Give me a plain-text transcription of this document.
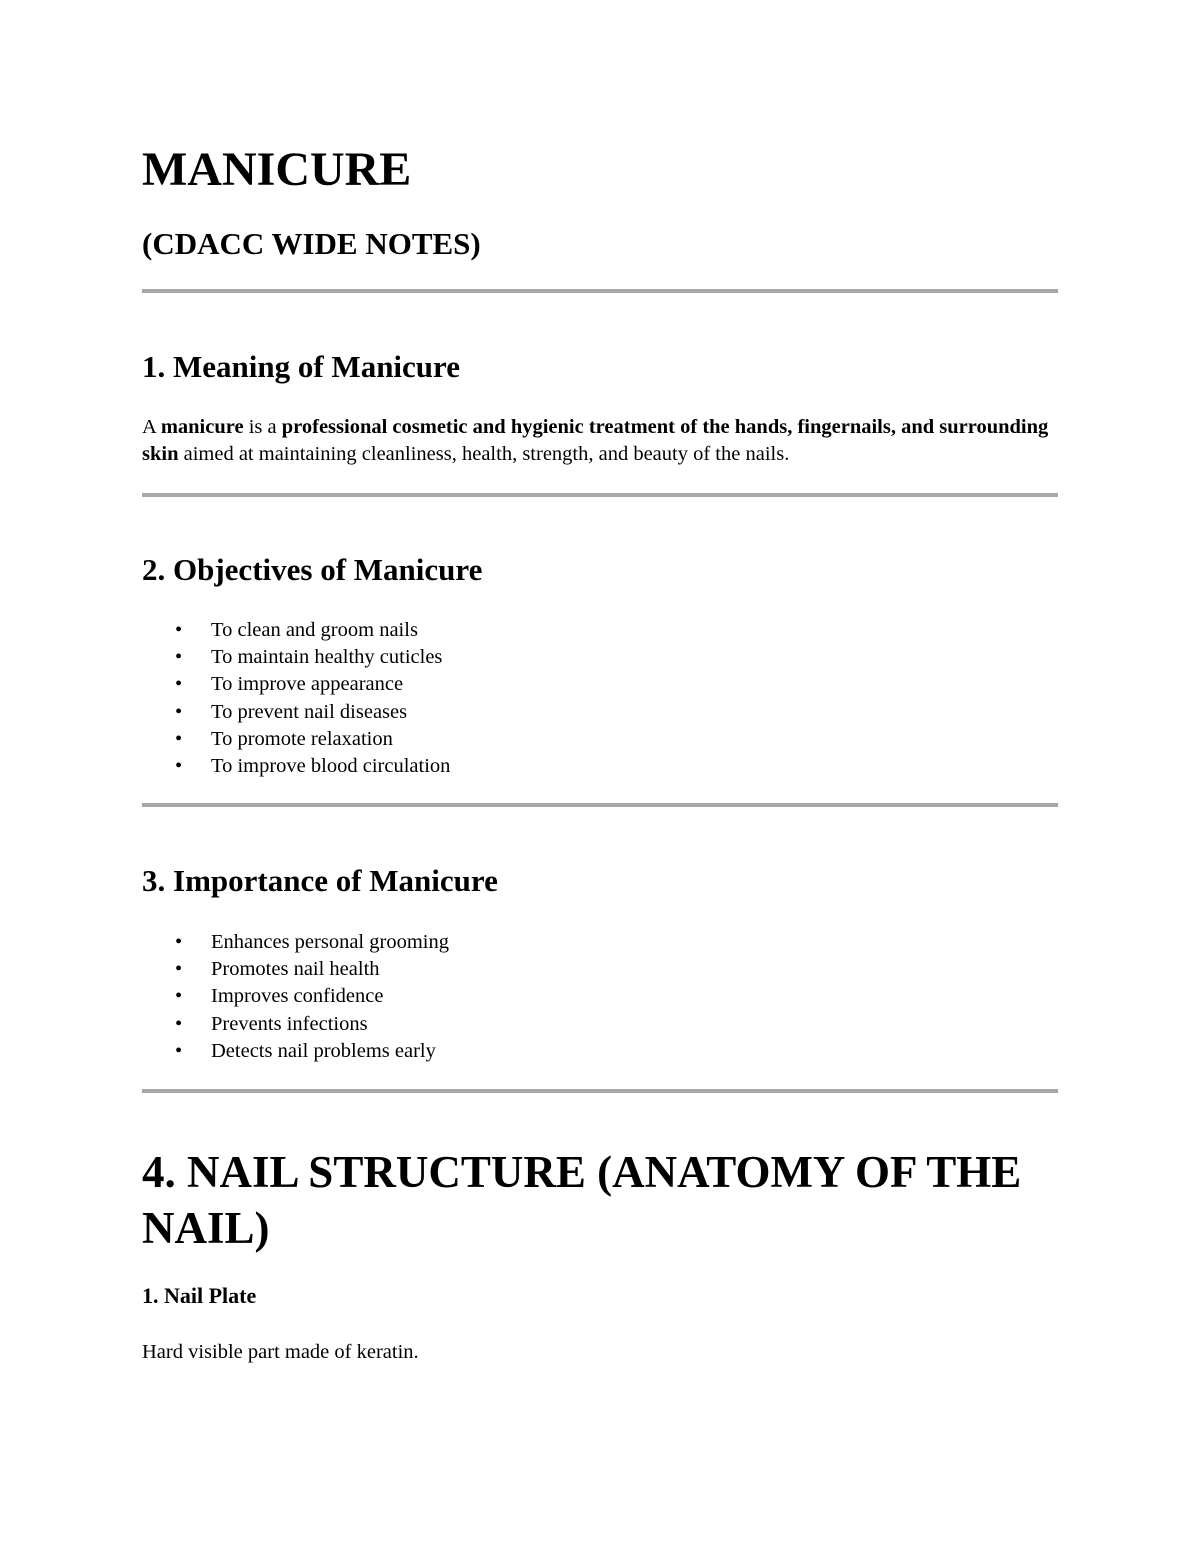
MANICURE
(CDACC WIDE NOTES)
1. Meaning of Manicure

A manicure is a professional cosmetic and hygienic treatment of the hands, fingernails, and surrounding skin aimed at maintaining cleanliness, health, strength, and beauty of the nails.

2. Objectives of Manicure
• To clean and groom nails
• To maintain healthy cuticles
• To improve appearance
• To prevent nail diseases
• To promote relaxation
• To improve blood circulation
3. Importance of Manicure
• Enhances personal grooming
• Promotes nail health
• Improves confidence
• Prevents infections
• Detects nail problems early
4. NAIL STRUCTURE (ANATOMY OF THE NAIL)
1. Nail Plate

Hard visible part made of keratin.
